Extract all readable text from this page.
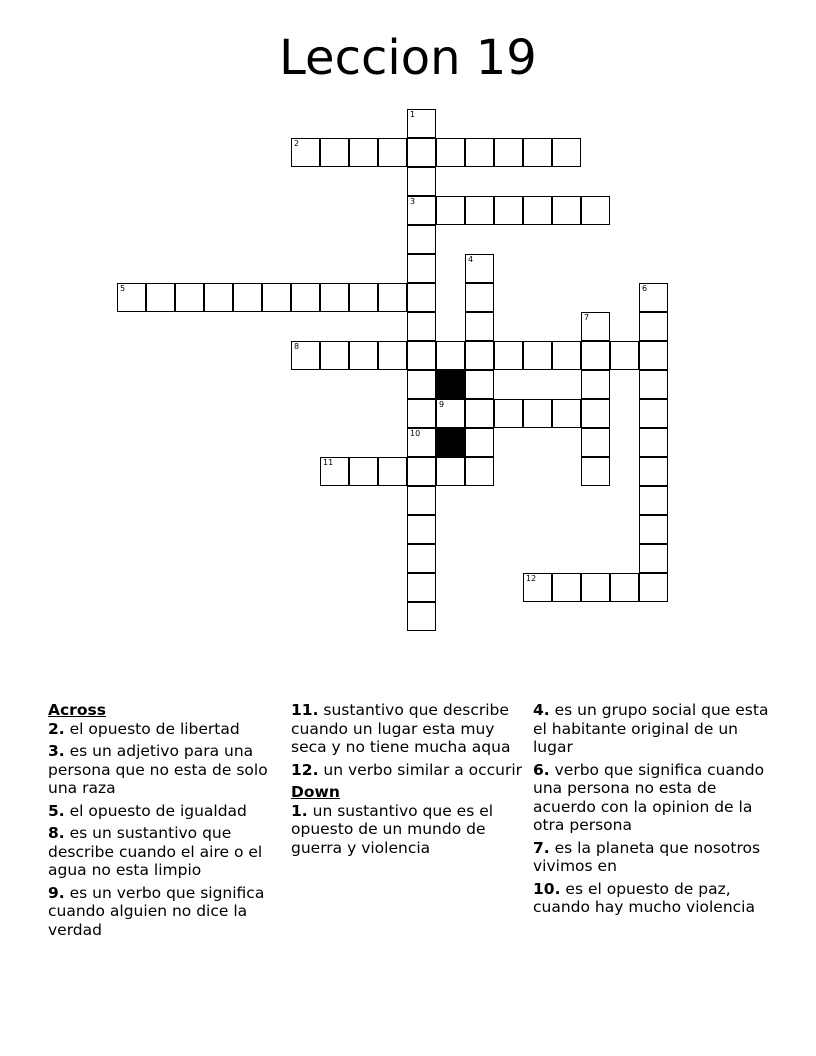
Leccion 19
1
3
10
2
4
5	6
7
8
9
11
12
Across
2. el opuesto de libertad
3. es un adjetivo para una persona que no esta de solo una raza
5. el opuesto de igualdad
8. es un sustantivo que describe cuando el aire o el agua no esta limpio
9. es un verbo que significa cuando alguien no dice la verdad
11. sustantivo que describe cuando un lugar esta muy seca y no tiene mucha aqua
12. un verbo similar a occurir
Down
1. un sustantivo que es el opuesto de un mundo de guerra y violencia
4. es un grupo social que esta el habitante original de un lugar
6. verbo que significa cuando una persona no esta de acuerdo con la opinion de la otra persona
7. es la planeta que nosotros vivimos en
10. es el opuesto de paz, cuando hay mucho violencia
